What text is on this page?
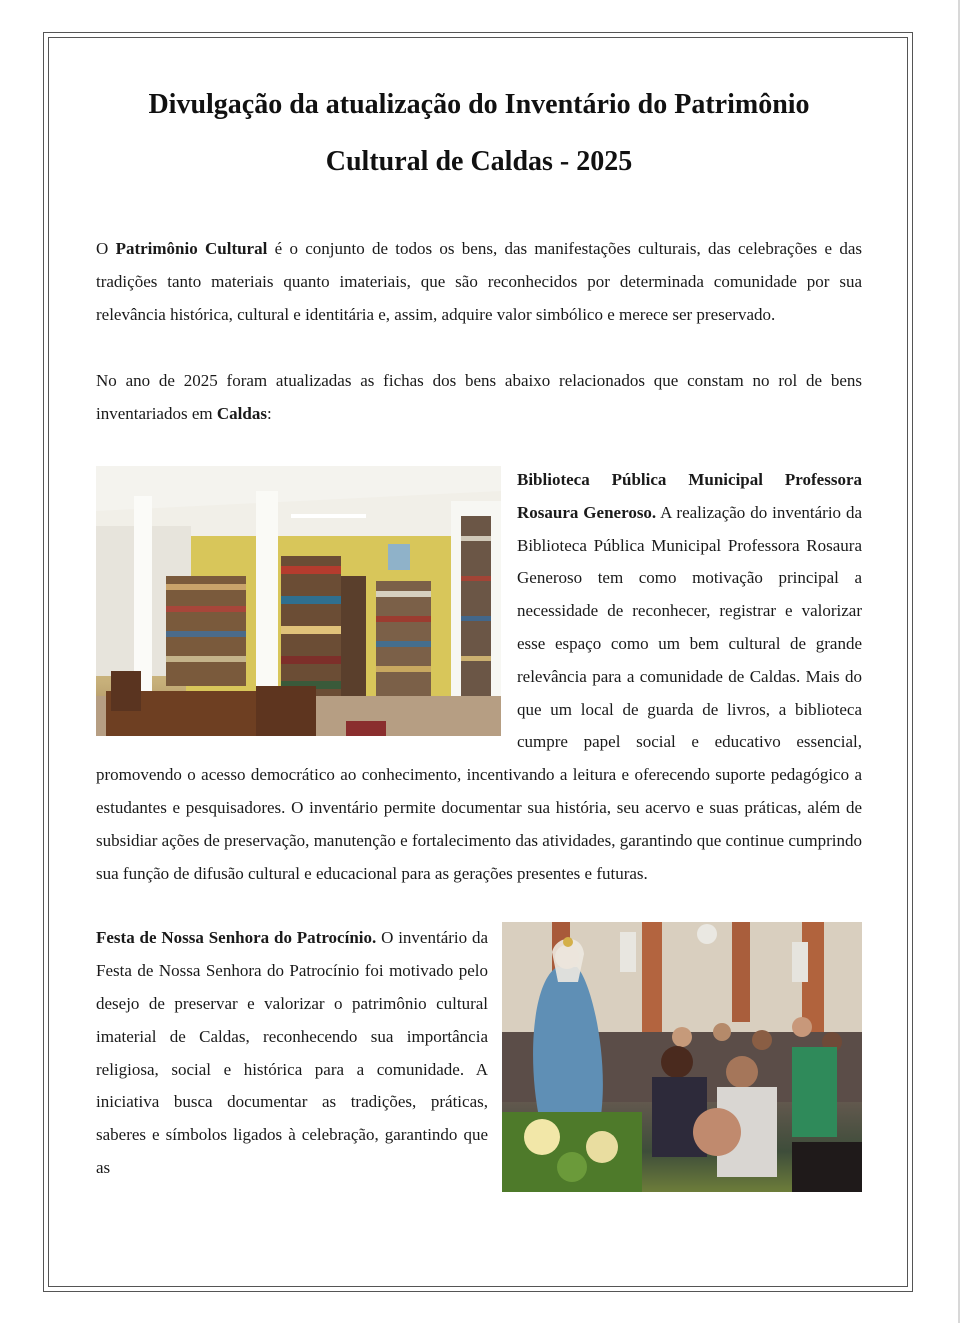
Divulgação da atualização do Inventário do Patrimônio Cultural de Caldas - 2025

O Patrimônio Cultural é o conjunto de todos os bens, das manifestações culturais, das celebrações e das tradições tanto materiais quanto imateriais, que são reconhecidos por determinada comunidade por sua relevância histórica, cultural e identitária e, assim, adquire valor simbólico e merece ser preservado.

No ano de 2025 foram atualizadas as fichas dos bens abaixo relacionados que constam no rol de bens inventariados em Caldas:

Biblioteca Pública Municipal Professora Rosaura Generoso. A realização do inventário da Biblioteca Pública Municipal Professora Rosaura Generoso tem como motivação principal a necessidade de reconhecer, registrar e valorizar esse espaço como um bem cultural de grande relevância para a comunidade de Caldas. Mais do que um local de guarda de livros, a biblioteca cumpre papel social e educativo essencial, promovendo o acesso democrático ao conhecimento, incentivando a leitura e oferecendo suporte pedagógico a estudantes e pesquisadores. O inventário permite documentar sua história, seu acervo e suas práticas, além de subsidiar ações de preservação, manutenção e fortalecimento das atividades, garantindo que continue cumprindo sua função de difusão cultural e educacional para as gerações presentes e futuras.

Festa de Nossa Senhora do Patrocínio. O inventário da Festa de Nossa Senhora do Patrocínio foi motivado pelo desejo de preservar e valorizar o patrimônio cultural imaterial de Caldas, reconhecendo sua importância religiosa, social e histórica para a comunidade. A iniciativa busca documentar as tradições, práticas, saberes e símbolos ligados à celebração, garantindo que as
